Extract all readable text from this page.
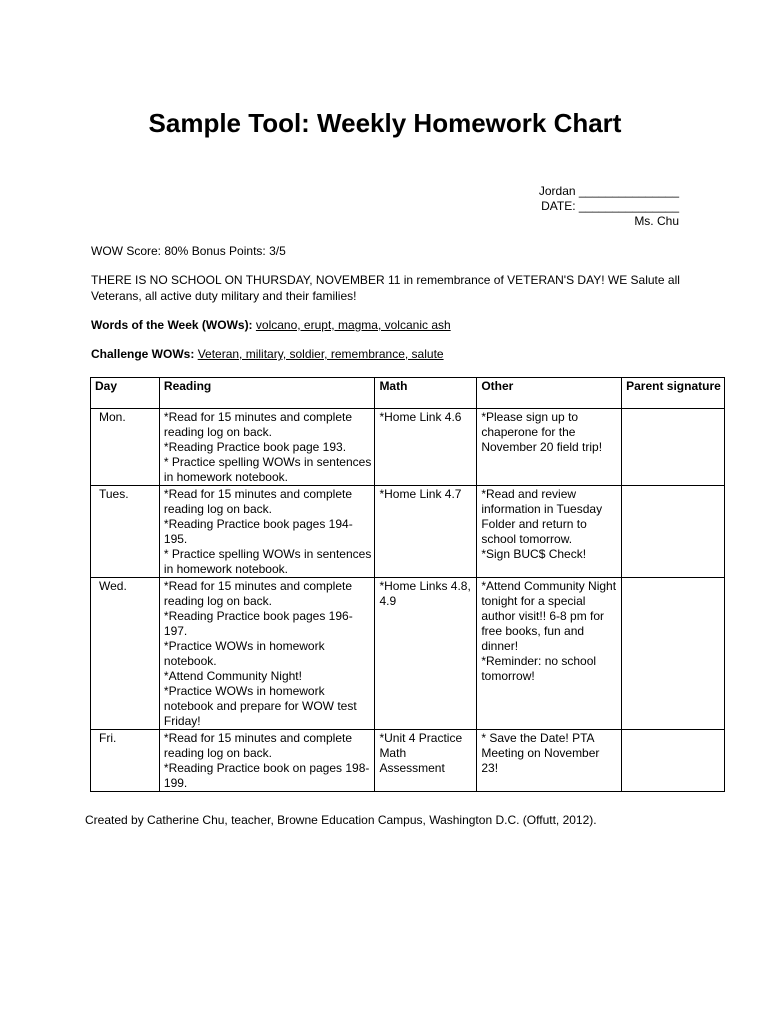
Sample Tool: Weekly Homework Chart
Jordan _______________
DATE: _______________
Ms. Chu
WOW Score: 80% Bonus Points: 3/5
THERE IS NO SCHOOL ON THURSDAY, NOVEMBER 11 in remembrance of VETERAN'S DAY! WE Salute all Veterans, all active duty military and their families!
Words of the Week (WOWs): volcano, erupt, magma, volcanic ash
Challenge WOWs: Veteran, military, soldier, remembrance, salute
Day	Reading	Math	Other	Parent signature
Mon.	*Read for 15 minutes and complete reading log on back.
*Reading Practice book page 193.
* Practice spelling WOWs in sentences in homework notebook.	*Home Link 4.6	*Please sign up to chaperone for the November 20 field trip!	

Tues.	*Read for 15 minutes and complete reading log on back.
*Reading Practice book pages 194-195.
* Practice spelling WOWs in sentences in homework notebook.	*Home Link 4.7	*Read and review information in Tuesday Folder and return to school tomorrow.
*Sign BUC$ Check!	

Wed.	*Read for 15 minutes and complete reading log on back.
*Reading Practice book pages 196-197.
*Practice WOWs in homework notebook.
*Attend Community Night!
*Practice WOWs in homework notebook and prepare for WOW test Friday!	*Home Links 4.8, 4.9	*Attend Community Night tonight for a special author visit!! 6-8 pm for free books, fun and dinner!
*Reminder: no school tomorrow!	

Fri.	*Read for 15 minutes and complete reading log on back.
*Reading Practice book on pages 198-199.	*Unit 4 Practice Math Assessment	* Save the Date! PTA Meeting on November 23!	

Created by Catherine Chu, teacher, Browne Education Campus, Washington D.C. (Offutt, 2012).
